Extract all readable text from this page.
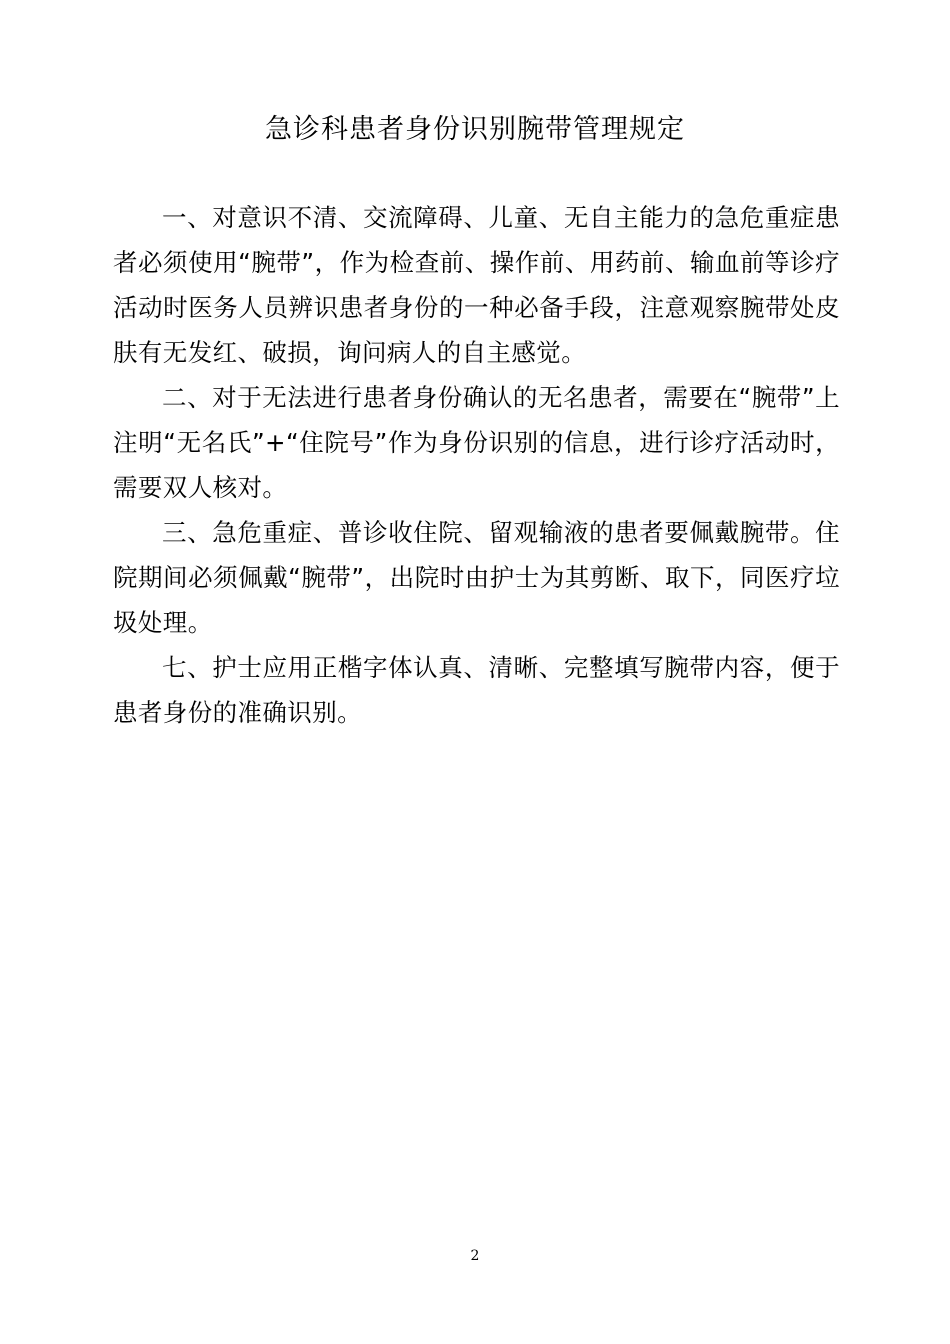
急诊科患者身份识别腕带管理规定

一、对意识不清、交流障碍、儿童、无自主能力的急危重症患者必须使用“腕带”，作为检查前、操作前、用药前、输血前等诊疗活动时医务人员辨识患者身份的一种必备手段，注意观察腕带处皮肤有无发红、破损，询问病人的自主感觉。

二、对于无法进行患者身份确认的无名患者，需要在“腕带”上注明“无名氏”+“住院号”作为身份识别的信息，进行诊疗活动时，需要双人核对。

三、急危重症、普诊收住院、留观输液的患者要佩戴腕带。住院期间必须佩戴“腕带”，出院时由护士为其剪断、取下，同医疗垃圾处理。

七、护士应用正楷字体认真、清晰、完整填写腕带内容，便于患者身份的准确识别。

2
